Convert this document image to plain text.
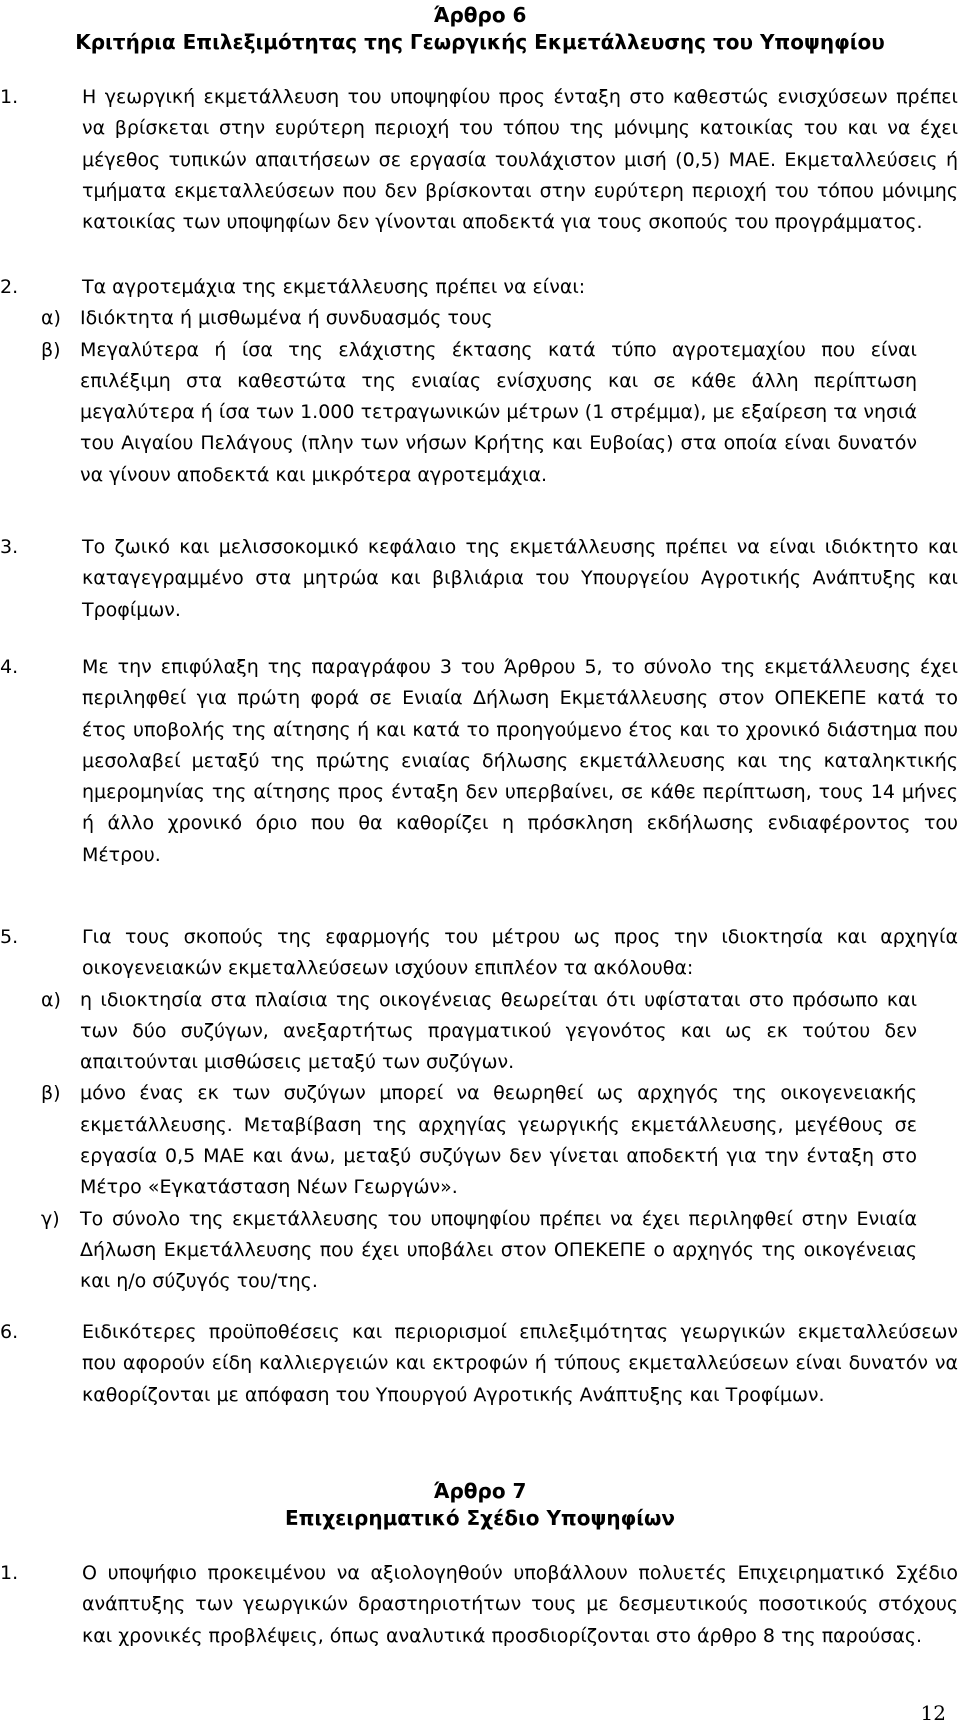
Άρθρο 6

Κριτήρια Επιλεξιμότητας της Γεωργικής Εκμετάλλευσης του Υποψηφίου

1.	Η γεωργική εκμετάλλευση του υποψηφίου προς ένταξη στο καθεστώς ενισχύσεων πρέπει να βρίσκεται στην ευρύτερη περιοχή του τόπου της μόνιμης κατοικίας του και να έχει μέγεθος τυπικών απαιτήσεων σε εργασία τουλάχιστον μισή (0,5) ΜΑΕ. Εκμεταλλεύσεις ή τμήματα εκμεταλλεύσεων που δεν βρίσκονται στην ευρύτερη περιοχή του τόπου μόνιμης κατοικίας των υποψηφίων δεν γίνονται αποδεκτά για τους σκοπούς του προγράμματος.
2.	Τα αγροτεμάχια της εκμετάλλευσης πρέπει να είναι:
α) Ιδιόκτητα ή μισθωμένα ή συνδυασμός τους
β) Μεγαλύτερα ή ίσα της ελάχιστης έκτασης κατά τύπο αγροτεμαχίου που είναι επιλέξιμη στα καθεστώτα της ενιαίας ενίσχυσης και σε κάθε άλλη περίπτωση μεγαλύτερα ή ίσα των 1.000 τετραγωνικών μέτρων (1 στρέμμα), με εξαίρεση τα νησιά του Αιγαίου Πελάγους (πλην των νήσων Κρήτης και Ευβοίας) στα οποία είναι δυνατόν να γίνουν αποδεκτά και μικρότερα αγροτεμάχια.
3.	Το ζωικό και μελισσοκομικό κεφάλαιο της εκμετάλλευσης πρέπει να είναι ιδιόκτητο και καταγεγραμμένο στα μητρώα και βιβλιάρια του Υπουργείου Αγροτικής Ανάπτυξης και Τροφίμων.
4.	Με την επιφύλαξη της παραγράφου 3 του Άρθρου 5, το σύνολο της εκμετάλλευσης έχει περιληφθεί για πρώτη φορά σε Ενιαία Δήλωση Εκμετάλλευσης στον ΟΠΕΚΕΠΕ κατά το έτος υποβολής της αίτησης ή και κατά το προηγούμενο έτος και το χρονικό διάστημα που μεσολαβεί μεταξύ της πρώτης ενιαίας δήλωσης εκμετάλλευσης και της καταληκτικής ημερομηνίας της αίτησης προς ένταξη δεν υπερβαίνει, σε κάθε περίπτωση, τους 14 μήνες ή άλλο χρονικό όριο που θα καθορίζει η πρόσκληση εκδήλωσης ενδιαφέροντος του Μέτρου.
5.	Για τους σκοπούς της εφαρμογής του μέτρου ως προς την ιδιοκτησία και αρχηγία οικογενειακών εκμεταλλεύσεων ισχύουν επιπλέον τα ακόλουθα:
α) η ιδιοκτησία στα πλαίσια της οικογένειας θεωρείται ότι υφίσταται στο πρόσωπο και των δύο συζύγων, ανεξαρτήτως πραγματικού γεγονότος και ως εκ τούτου δεν απαιτούνται μισθώσεις μεταξύ των συζύγων.
β) μόνο ένας εκ των συζύγων μπορεί να θεωρηθεί ως αρχηγός της οικογενειακής εκμετάλλευσης. Μεταβίβαση της αρχηγίας γεωργικής εκμετάλλευσης, μεγέθους σε εργασία 0,5 ΜΑΕ και άνω, μεταξύ συζύγων δεν γίνεται αποδεκτή για την ένταξη στο Μέτρο «Εγκατάσταση Νέων Γεωργών».
γ) Το σύνολο της εκμετάλλευσης του υποψηφίου πρέπει να έχει περιληφθεί στην Ενιαία Δήλωση Εκμετάλλευσης που έχει υποβάλει στον ΟΠΕΚΕΠΕ ο αρχηγός της οικογένειας και η/ο σύζυγός του/της.
6.	Ειδικότερες προϋποθέσεις και περιορισμοί επιλεξιμότητας γεωργικών εκμεταλλεύσεων που αφορούν είδη καλλιεργειών και εκτροφών ή τύπους εκμεταλλεύσεων είναι δυνατόν να καθορίζονται με απόφαση του Υπουργού Αγροτικής Ανάπτυξης και Τροφίμων.

Άρθρο 7

Επιχειρηματικό Σχέδιο Υποψηφίων

1.	Ο υποψήφιο προκειμένου να αξιολογηθούν υποβάλλουν πολυετές Επιχειρηματικό Σχέδιο ανάπτυξης των γεωργικών δραστηριοτήτων τους με δεσμευτικούς ποσοτικούς στόχους και χρονικές προβλέψεις, όπως αναλυτικά προσδιορίζονται στο άρθρο 8 της παρούσας.
12
